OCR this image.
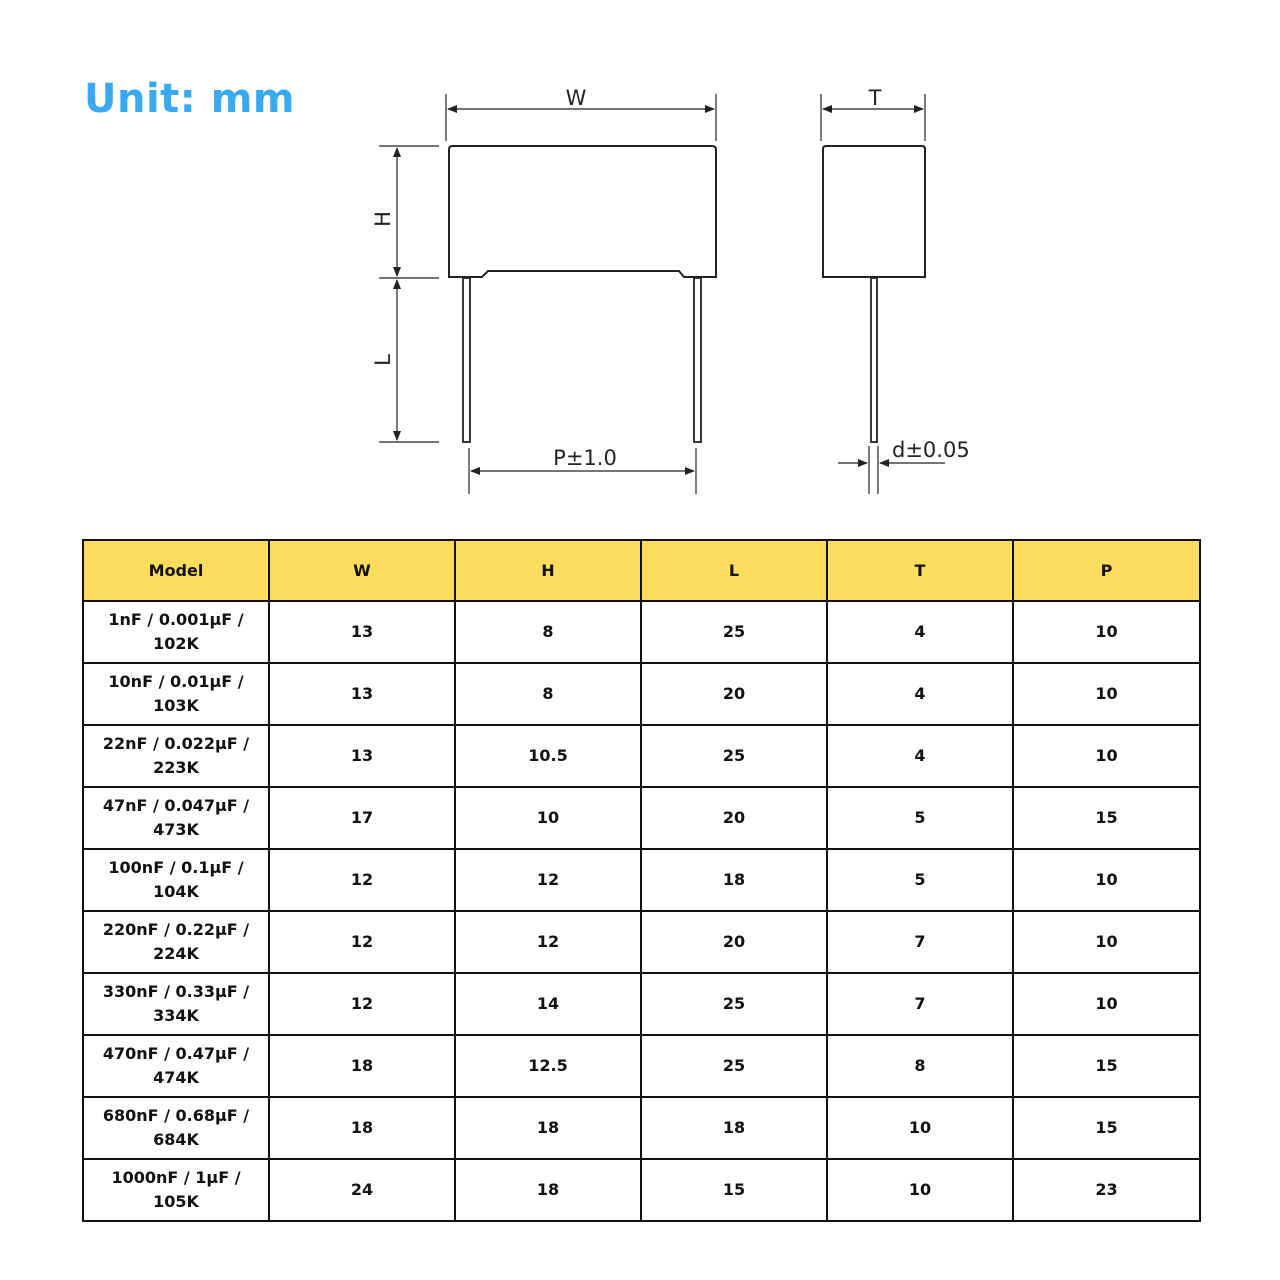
Unit: mm	W
H
L
P±1.0
T
d±0.05
Model	W	H	L	T	P
1nF / 0.001μF / 102K	13	8	25	4	10
10nF / 0.01μF / 103K	13	8	20	4	10
22nF / 0.022μF / 223K	13	10.5	25	4	10
47nF / 0.047μF / 473K	17	10	20	5	15
100nF / 0.1μF / 104K	12	12	18	5	10
220nF / 0.22μF / 224K	12	12	20	7	10
330nF / 0.33μF / 334K	12	14	25	7	10
470nF / 0.47μF / 474K	18	12.5	25	8	15
680nF / 0.68μF / 684K	18	18	18	10	15
1000nF / 1μF / 105K	24	18	15	10	23
